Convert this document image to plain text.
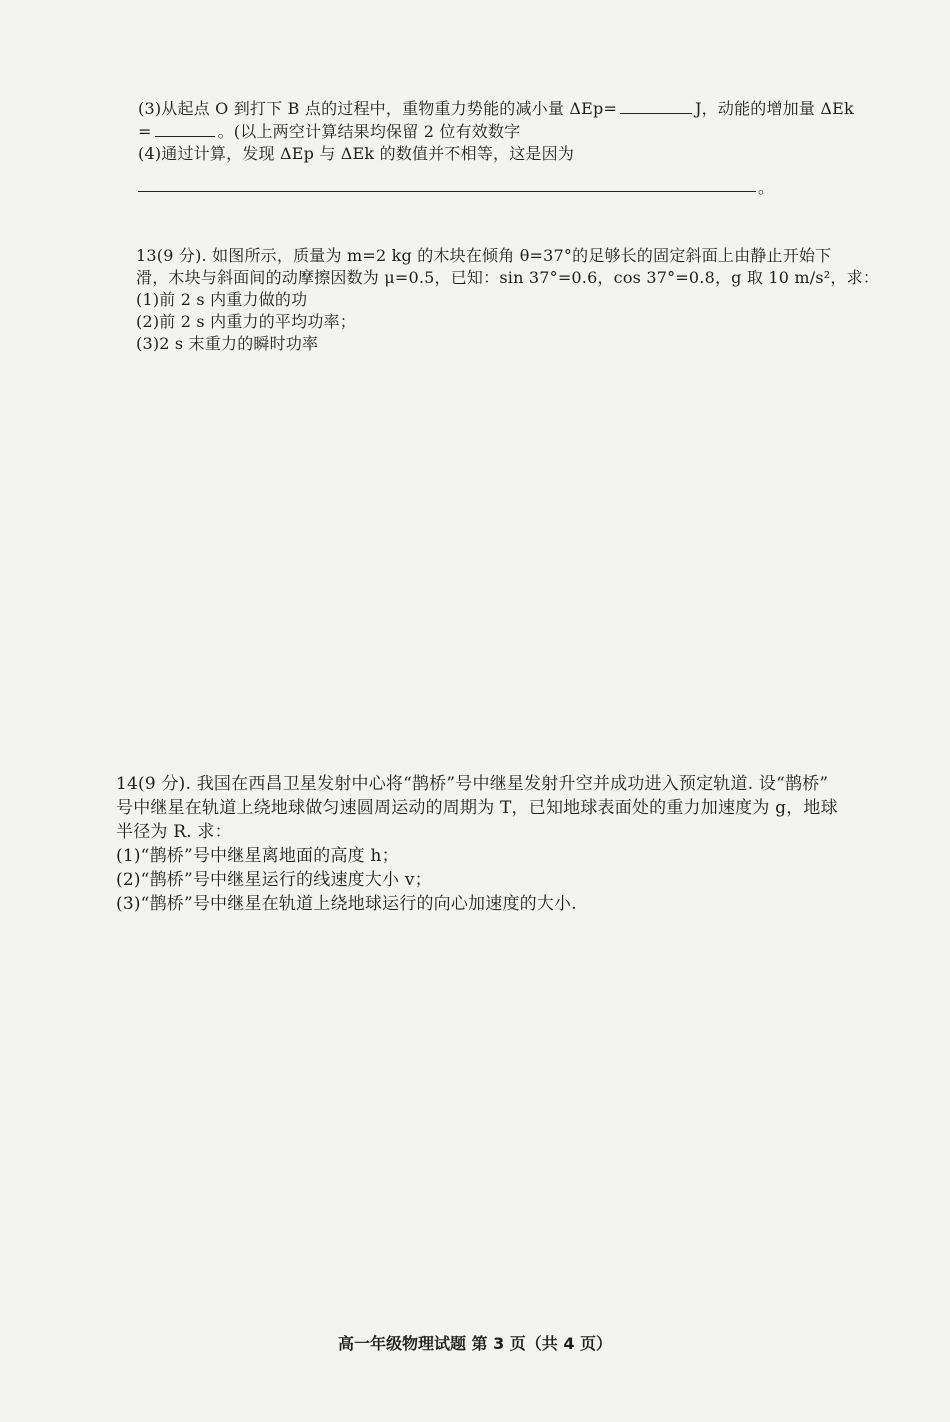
(3)从起点 O 到打下 B 点的过程中，重物重力势能的减小量 ΔEp=	J，动能的增加量 ΔEk
=	。(以上两空计算结果均保留 2 位有效数字
(4)通过计算，发现 ΔEp 与 ΔEk 的数值并不相等，这是因为
。
13(9 分). 如图所示，质量为 m=2 kg 的木块在倾角 θ=37°的足够长的固定斜面上由静止开始下
滑，木块与斜面间的动摩擦因数为 μ=0.5，已知：sin 37°=0.6，cos 37°=0.8，g 取 10 m/s²，求：
(1)前 2 s 内重力做的功
(2)前 2 s 内重力的平均功率；
(3)2 s 末重力的瞬时功率
14(9 分). 我国在西昌卫星发射中心将“鹊桥”号中继星发射升空并成功进入预定轨道. 设“鹊桥”
号中继星在轨道上绕地球做匀速圆周运动的周期为 T，已知地球表面处的重力加速度为 g，地球
半径为 R. 求：
(1)“鹊桥”号中继星离地面的高度 h；
(2)“鹊桥”号中继星运行的线速度大小 v；
(3)“鹊桥”号中继星在轨道上绕地球运行的向心加速度的大小.
高一年级物理试题 第 3 页（共 4 页）
